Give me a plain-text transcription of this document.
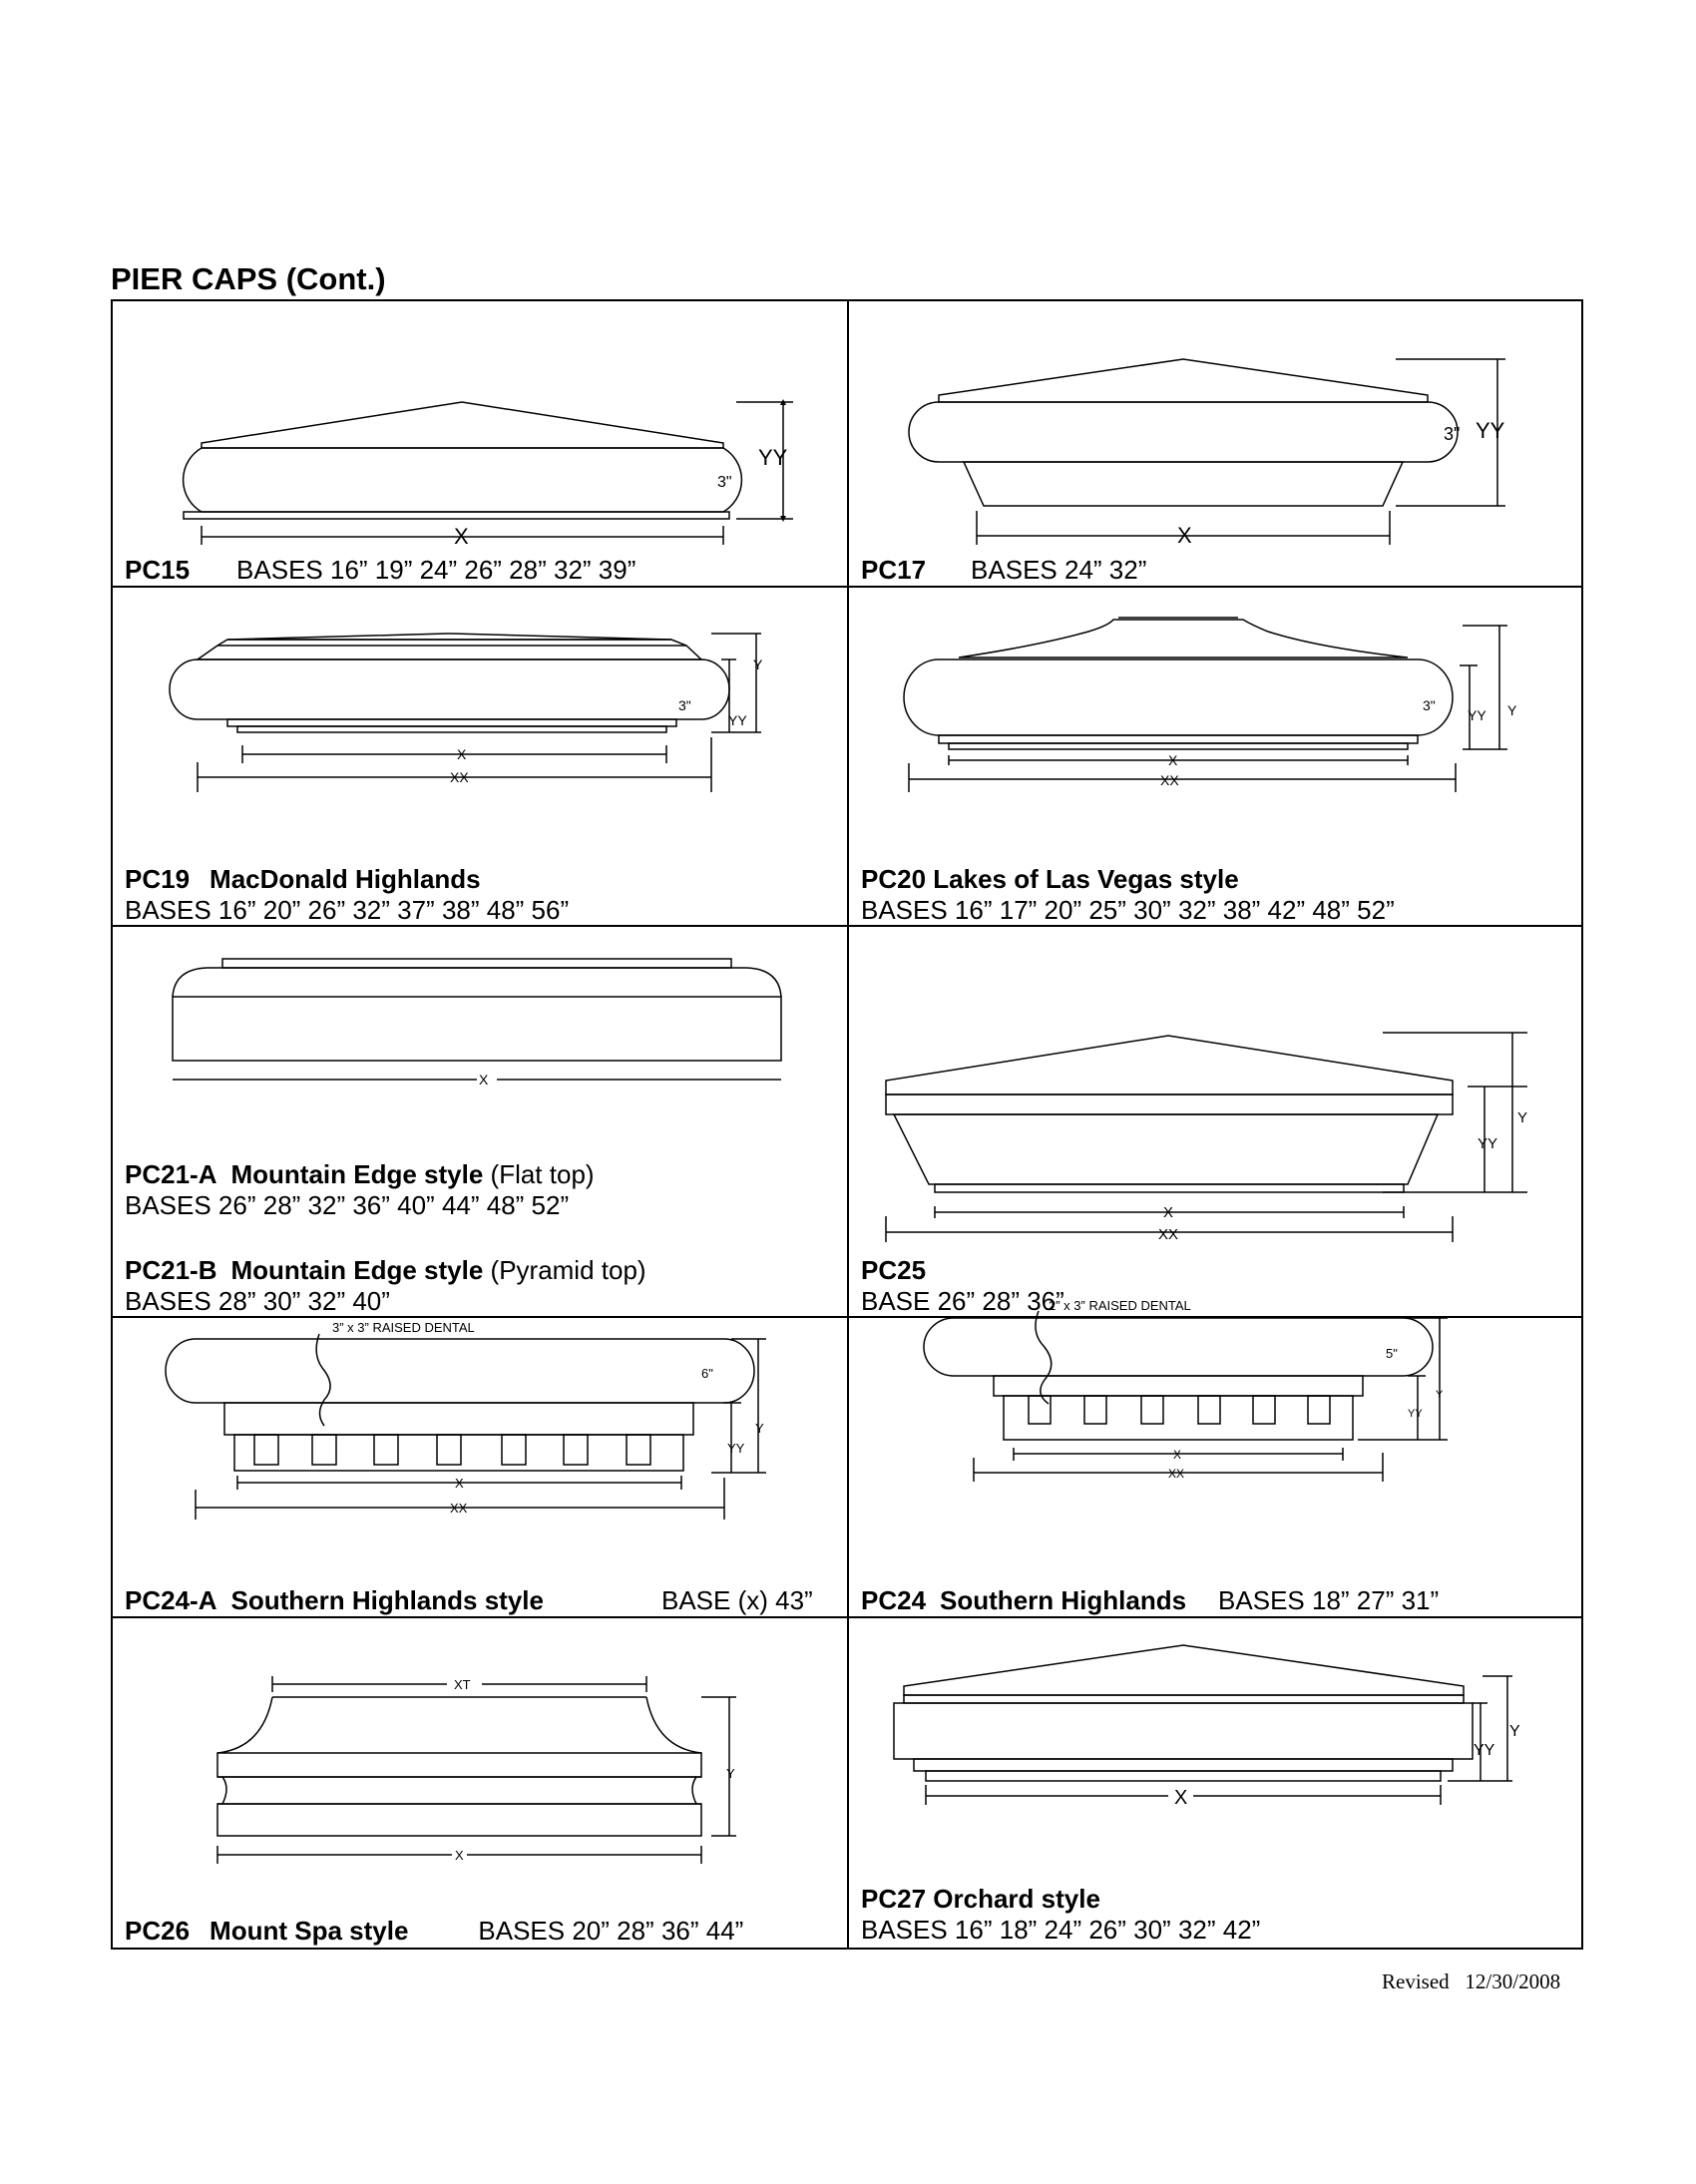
PIER CAPS (Cont.)
3"
YY
X
PC15 BASES 16” 19” 24” 26” 28” 32” 39”
3" YY
X
PC17 BASES 24” 32”
3"
Y
YY
X
XX
PC19 MacDonald Highlands
BASES 16” 20” 26” 32” 37” 38” 48” 56”
3"	Y
YY
X
XX
PC20 Lakes of Las Vegas style
BASES 16” 17” 20” 25” 30” 32” 38” 42” 48” 52”
X
PC21-A Mountain Edge style (Flat top)
BASES 26” 28” 32” 36” 40” 44” 48” 52”
PC21-B Mountain Edge style (Pyramid top)
BASES 28” 30” 32” 40”
Y
YY
X
XX
PC25
BASE 26” 28” 36”
3” x 3” RAISED DENTAL
6"
Y
YY
X
XX
PC24-A Southern Highlands style	BASE (x) 43”
2” x 3” RAISED DENTAL
5"
Y
YY
X
XX
PC24 Southern Highlands BASES 18” 27” 31”
XT
Y
X
PC26 Mount Spa style	BASES 20” 28” 36” 44”
Y
YY
X
PC27 Orchard style
BASES 16” 18” 24” 26” 30” 32” 42”
Revised   12/30/2008
